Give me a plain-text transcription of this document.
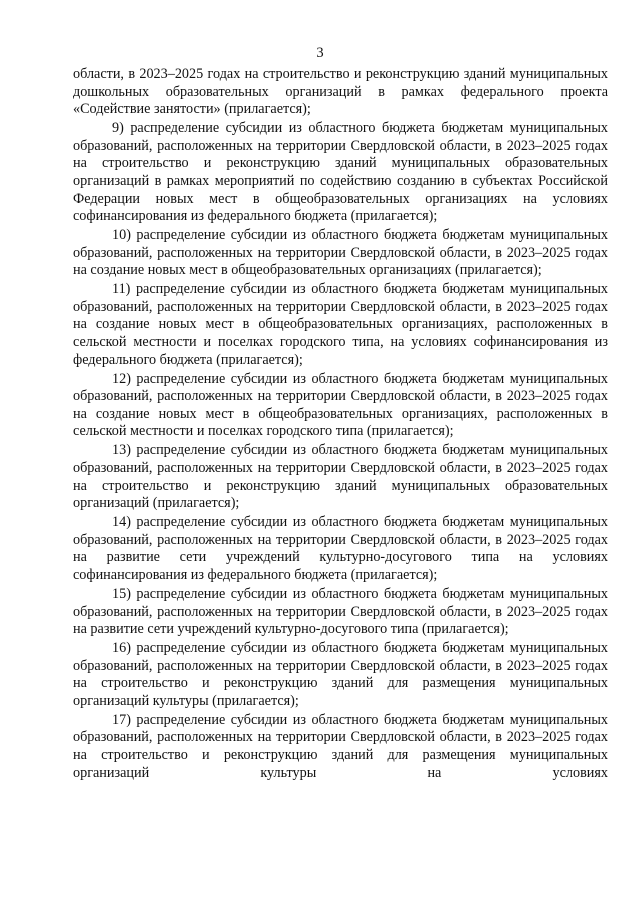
3

области, в 2023–2025 годах на строительство и реконструкцию зданий муниципальных дошкольных образовательных организаций в рамках федерального проекта «Содействие занятости» (прилагается);

9) распределение субсидии из областного бюджета бюджетам муниципальных образований, расположенных на территории Свердловской области, в 2023–2025 годах на строительство и реконструкцию зданий муниципальных образовательных организаций в рамках мероприятий по содействию созданию в субъектах Российской Федерации новых мест в общеобразовательных организациях на условиях софинансирования из федерального бюджета (прилагается);

10) распределение субсидии из областного бюджета бюджетам муниципальных образований, расположенных на территории Свердловской области, в 2023–2025 годах на создание новых мест в общеобразовательных организациях (прилагается);

11) распределение субсидии из областного бюджета бюджетам муниципальных образований, расположенных на территории Свердловской области, в 2023–2025 годах на создание новых мест в общеобразовательных организациях, расположенных в сельской местности и поселках городского типа, на условиях софинансирования из федерального бюджета (прилагается);

12) распределение субсидии из областного бюджета бюджетам муниципальных образований, расположенных на территории Свердловской области, в 2023–2025 годах на создание новых мест в общеобразовательных организациях, расположенных в сельской местности и поселках городского типа (прилагается);

13) распределение субсидии из областного бюджета бюджетам муниципальных образований, расположенных на территории Свердловской области, в 2023–2025 годах на строительство и реконструкцию зданий муниципальных образовательных организаций (прилагается);

14) распределение субсидии из областного бюджета бюджетам муниципальных образований, расположенных на территории Свердловской области, в 2023–2025 годах на развитие сети учреждений культурно-досугового типа на условиях софинансирования из федерального бюджета (прилагается);

15) распределение субсидии из областного бюджета бюджетам муниципальных образований, расположенных на территории Свердловской области, в 2023–2025 годах на развитие сети учреждений культурно-досугового типа (прилагается);

16) распределение субсидии из областного бюджета бюджетам муниципальных образований, расположенных на территории Свердловской области, в 2023–2025 годах на строительство и реконструкцию зданий для размещения муниципальных организаций культуры (прилагается);

17) распределение субсидии из областного бюджета бюджетам муниципальных образований, расположенных на территории Свердловской области, в 2023–2025 годах на строительство и реконструкцию зданий для размещения муниципальных организаций культуры на условиях
